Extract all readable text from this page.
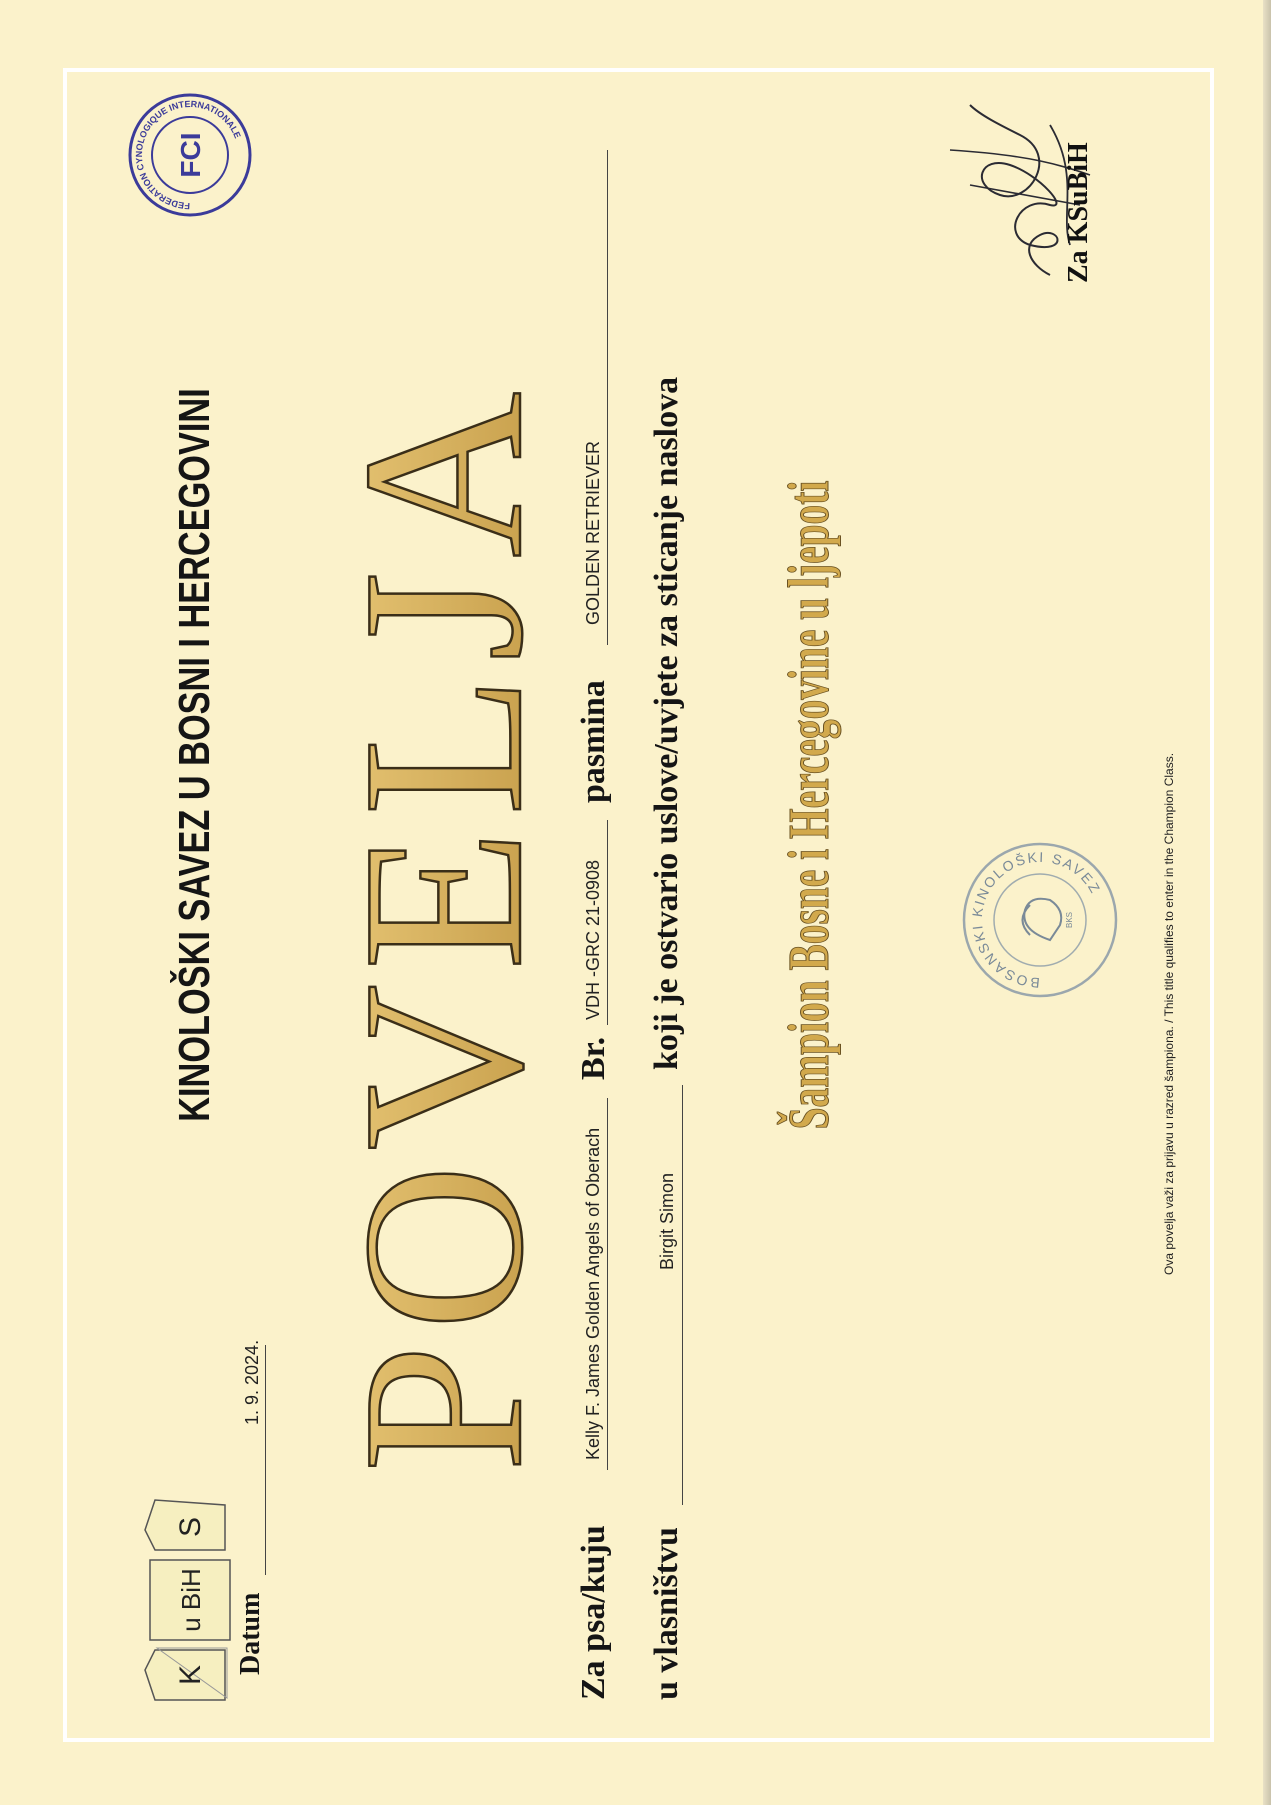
K
u BiH
S
FEDERATION CYNOLOGIQUE INTERNATIONALE
FCI
KINOLOŠKI SAVEZ U BOSNI I HERCEGOVINI POVELJA
Za psa/kuju
Kelly F. James Golden Angels of Oberach
Br.
VDH -GRC 21-0908
pasmina
GOLDEN RETRIEVER
u vlasništvu
Birgit Simon
koji je ostvario uslove/uvjete za sticanje naslova Šampion Bosne i Hercegovine u ljepoti
Datum
1. 9. 2024.
BOSANSKI KINOLOŠKI SAVEZ
BKS
Za KSuBiH
Ova povelja važi za prijavu u razred šampiona. / This title qualifies to enter in the Champion Class.
